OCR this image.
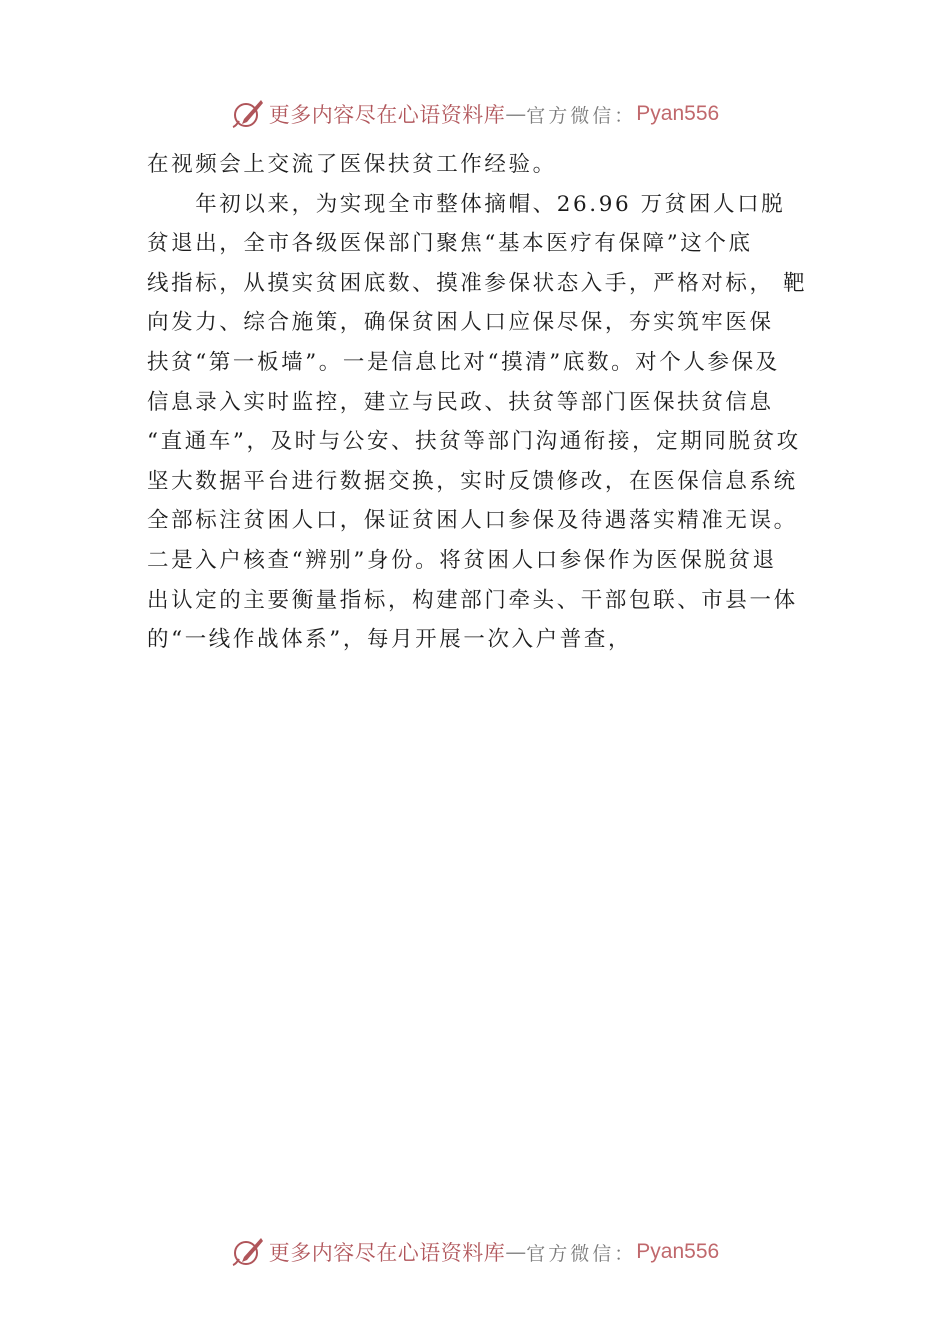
更多内容尽在心语资料库 — 官方微信： Pyan556
在视频会上交流了医保扶贫工作经验。
　　年初以来，为实现全市整体摘帽、26.96 万贫困人口脱
贫退出，全市各级医保部门聚焦“基本医疗有保障”这个底
线指标，从摸实贫困底数、摸准参保状态入手，严格对标， 靶
向发力、综合施策，确保贫困人口应保尽保，夯实筑牢医保
扶贫“第一板墙”。一是信息比对“摸清”底数。对个人参保及
信息录入实时监控，建立与民政、扶贫等部门医保扶贫信息
“直通车”，及时与公安、扶贫等部门沟通衔接，定期同脱贫攻
坚大数据平台进行数据交换，实时反馈修改，在医保信息系统
全部标注贫困人口，保证贫困人口参保及待遇落实精准无误。
二是入户核查“辨别”身份。将贫困人口参保作为医保脱贫退
出认定的主要衡量指标，构建部门牵头、干部包联、市县一体
的“一线作战体系”，每月开展一次入户普查，
更多内容尽在心语资料库 — 官方微信： Pyan556
